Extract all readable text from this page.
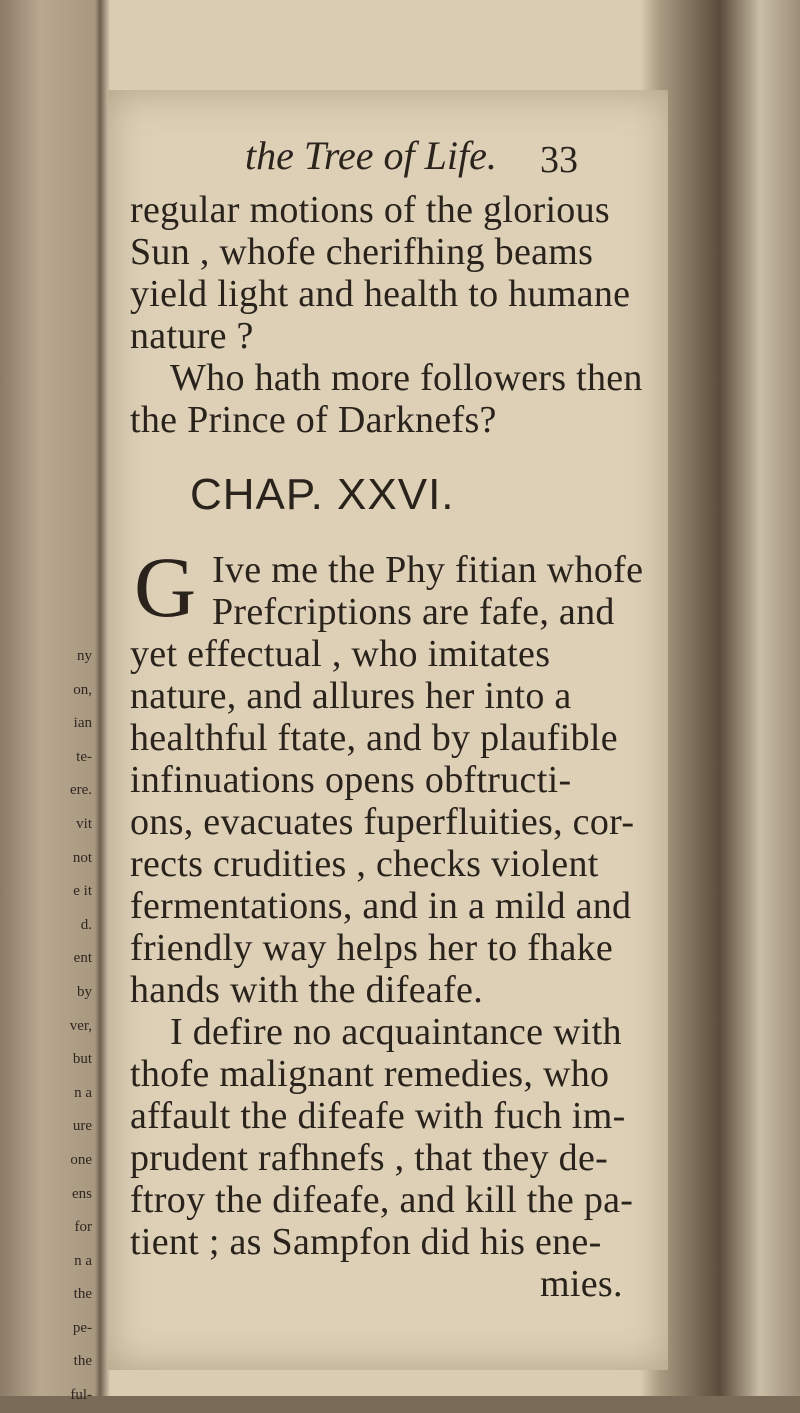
ny
on,
ian
te-
ere.
vit
not
e it
d.
ent
by
ver,
but
n a
ure
one
ens
for
n a
the
pe-
the
ful-
the Tree of Life. 33
regular motions of the glorious
Sun , whofe cherifhing beams
yield light and health to humane
nature ?
Who hath more followers then
the Prince of Darknefs?
CHAP. XXVI.
G Ive me the Phy fitian whofe
Prefcriptions are fafe, and
yet effectual , who imitates
nature, and allures her into a
healthful ftate, and by plaufible
infinuations opens obftructi-
ons, evacuates fuperfluities, cor-
rects crudities , checks violent
fermentations, and in a mild and
friendly way helps her to fhake
hands with the difeafe.
I defire no acquaintance with
thofe malignant remedies, who
affault the difeafe with fuch im-
prudent rafhnefs , that they de-
ftroy the difeafe, and kill the pa-
tient ; as Sampfon did his ene-
mies.
